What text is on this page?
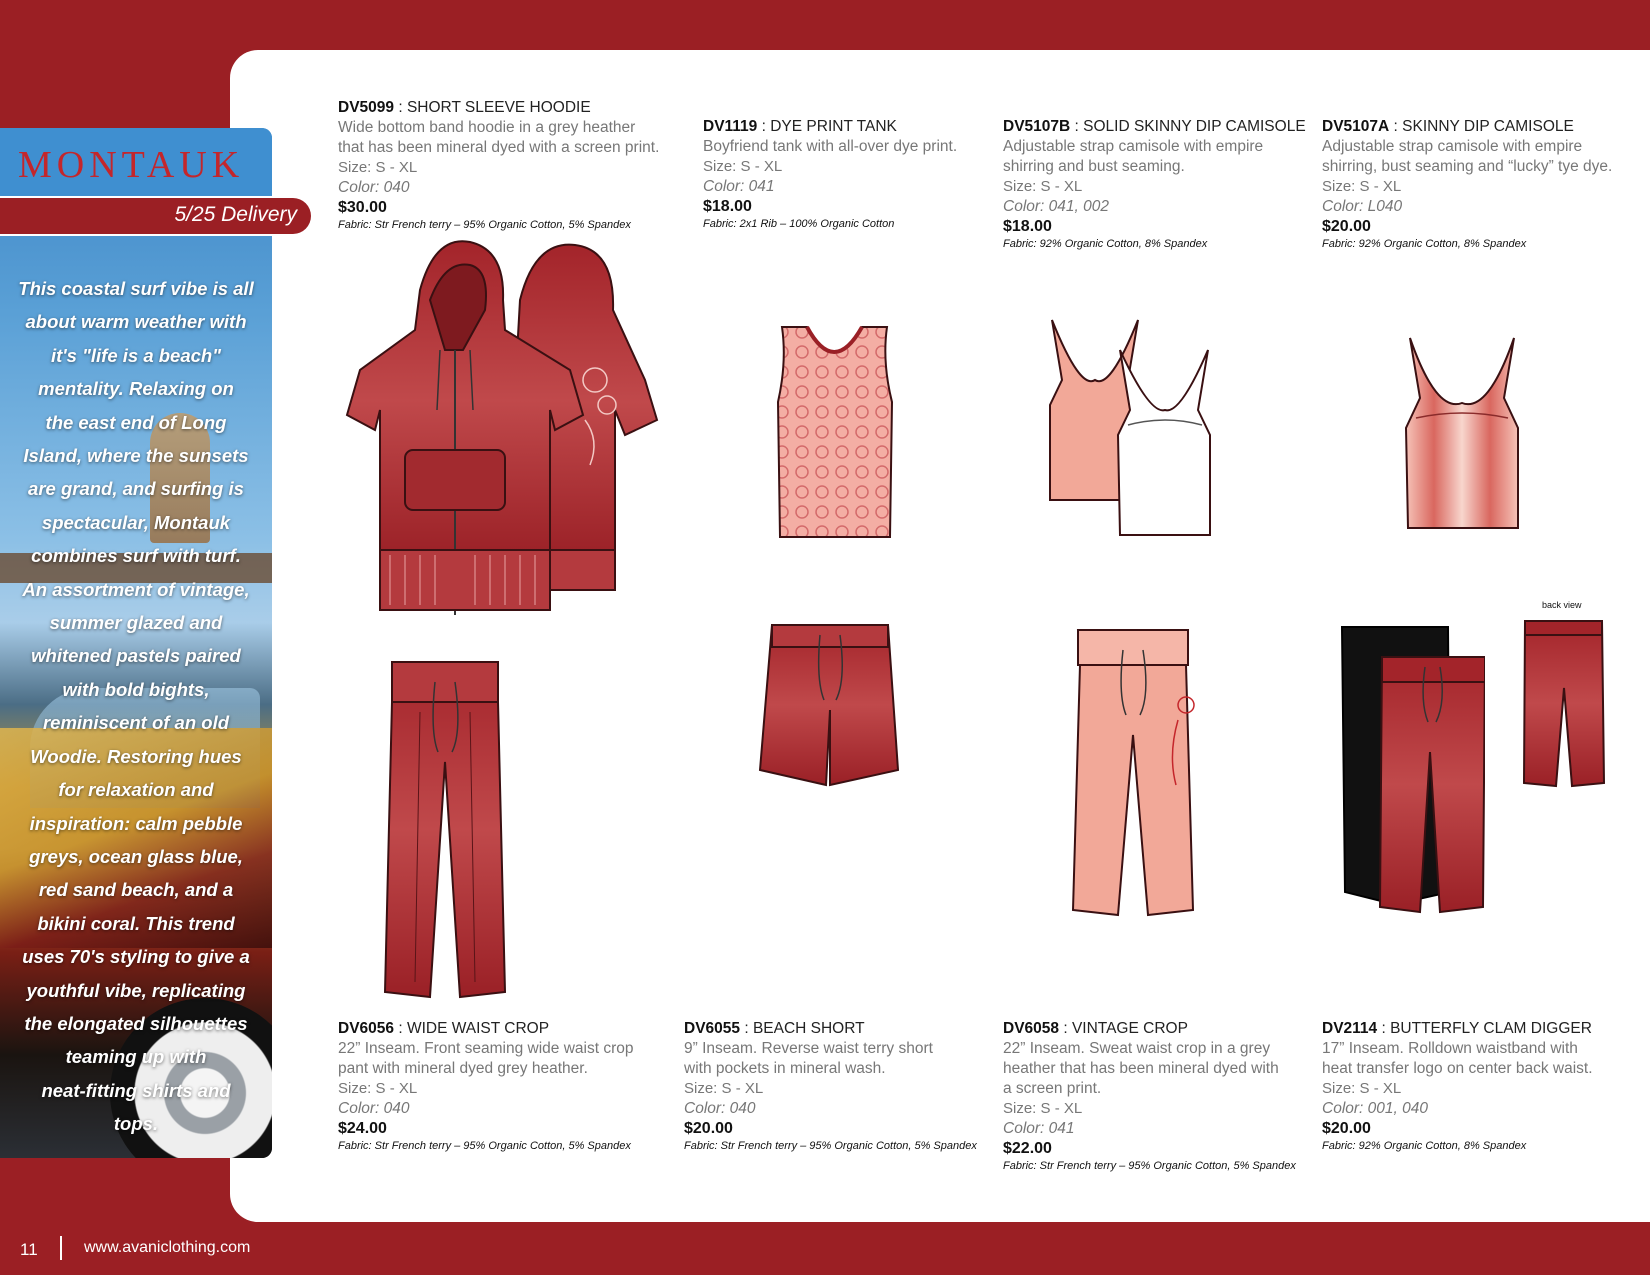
MONTAUK
5/25 Delivery
This coastal surf vibe is all
about warm weather with
it's "life is a beach"
mentality. Relaxing on
the east end of Long
Island, where the sunsets
are grand, and surfing is
spectacular, Montauk
combines surf with turf.
An assortment of vintage,
summer glazed and
whitened pastels paired
with bold bights,
reminiscent of an old
Woodie. Restoring hues
for relaxation and
inspiration: calm pebble
greys, ocean glass blue,
red sand beach, and a
bikini coral. This trend
uses 70's styling to give a
youthful vibe, replicating
the elongated silhouettes
teaming up with
neat-fitting shirts and
tops.
DV5099 : SHORT SLEEVE HOODIE
Wide bottom band hoodie in a grey heather
that has been mineral dyed with a screen print.
Size: S - XL
Color: 040
$30.00
Fabric: Str French terry – 95% Organic Cotton, 5% Spandex
DV1119 : DYE PRINT TANK
Boyfriend tank with all-over dye print.
Size: S - XL
Color: 041
$18.00
Fabric: 2x1 Rib – 100% Organic Cotton
DV5107B : SOLID SKINNY DIP CAMISOLE
Adjustable strap camisole with empire
shirring and bust seaming.
Size: S - XL
Color: 041, 002
$18.00
Fabric: 92% Organic Cotton, 8% Spandex
DV5107A : SKINNY DIP CAMISOLE
Adjustable strap camisole with empire
shirring, bust seaming and “lucky” tye dye.
Size: S - XL
Color: L040
$20.00
Fabric: 92% Organic Cotton, 8% Spandex
DV6056 : WIDE WAIST CROP
22” Inseam. Front seaming wide waist crop
pant with mineral dyed grey heather.
Size: S - XL
Color: 040
$24.00
Fabric: Str French terry – 95% Organic Cotton, 5% Spandex
DV6055 : BEACH SHORT
9” Inseam. Reverse waist terry short
with pockets in mineral wash.
Size: S - XL
Color: 040
$20.00
Fabric: Str French terry – 95% Organic Cotton, 5% Spandex
DV6058 : VINTAGE CROP
22” Inseam. Sweat waist crop in a grey
heather that has been mineral dyed with
a screen print.
Size: S - XL
Color: 041
$22.00
Fabric: Str French terry – 95% Organic Cotton, 5% Spandex
DV2114 : BUTTERFLY CLAM DIGGER
17” Inseam. Rolldown waistband with
heat transfer logo on center back waist.
Size: S - XL
Color: 001, 040
$20.00
Fabric: 92% Organic Cotton, 8% Spandex
back view
11	www.avaniclothing.com
